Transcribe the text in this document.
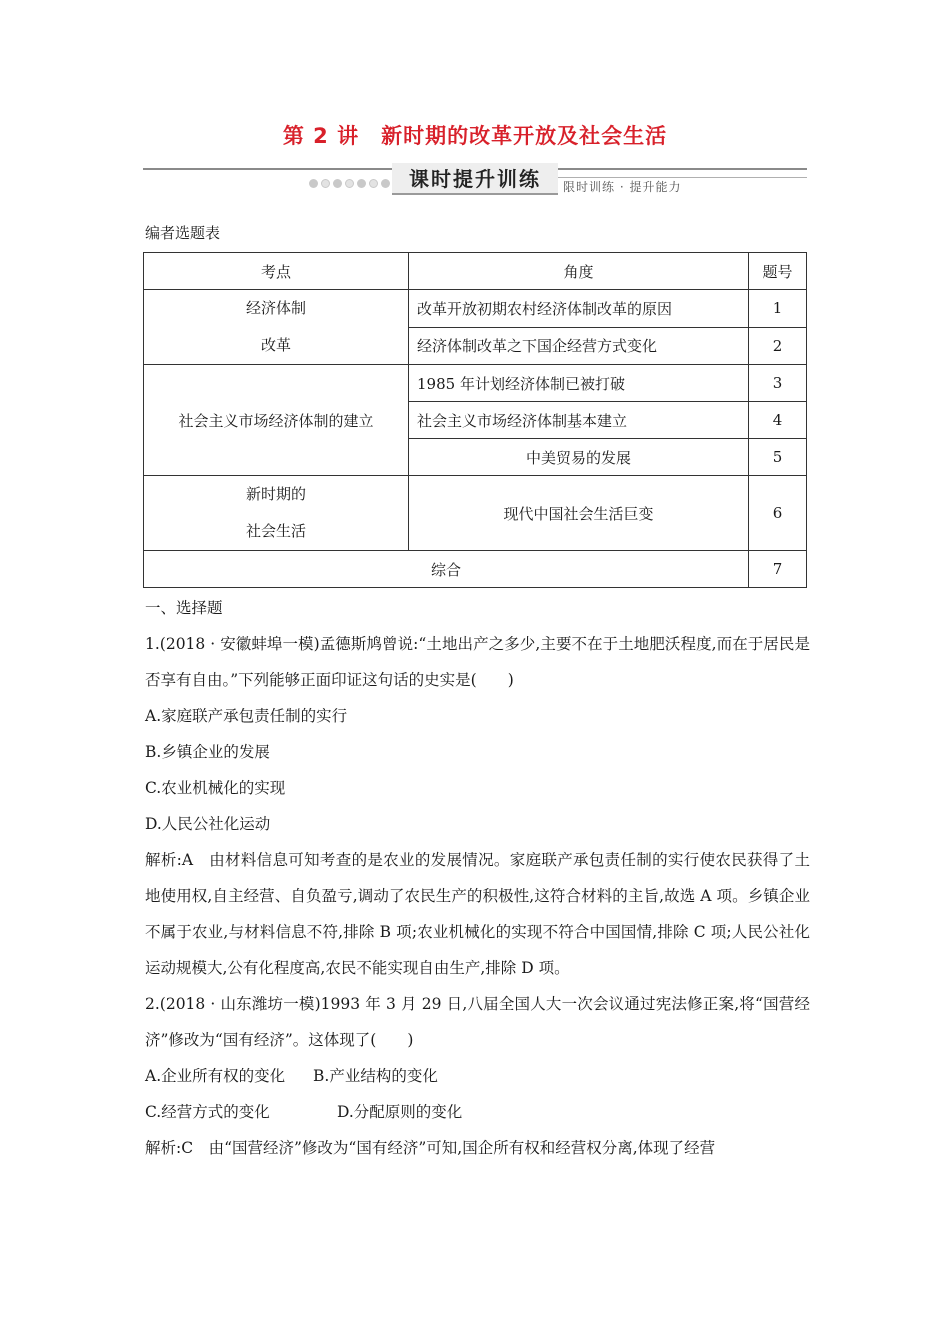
第 2 讲 新时期的改革开放及社会生活
课时提升训练	限时训练 · 提升能力
编者选题表
考点	角度	题号

经济体制
改革	改革开放初期农村经济体制改革的原因	1
	经济体制改革之下国企经营方式变化	2
社会主义市场经济体制的建立	1985 年计划经济体制已被打破	3
	社会主义市场经济体制基本建立	4
	中美贸易的发展	5

新时期的
社会生活	现代中国社会生活巨变	6
综合		7

一、选择题

1.(2018 · 安徽蚌埠一模)孟德斯鸠曾说:“土地出产之多少,主要不在于土地肥沃程度,而在于居民是否享有自由。”下列能够正面印证这句话的史实是(　　)

A.家庭联产承包责任制的实行

B.乡镇企业的发展

C.农业机械化的实现

D.人民公社化运动

解析:A　由材料信息可知考查的是农业的发展情况。家庭联产承包责任制的实行使农民获得了土地使用权,自主经营、自负盈亏,调动了农民生产的积极性,这符合材料的主旨,故选 A 项。乡镇企业不属于农业,与材料信息不符,排除 B 项;农业机械化的实现不符合中国国情,排除 C 项;人民公社化运动规模大,公有化程度高,农民不能实现自由生产,排除 D 项。

2.(2018 · 山东潍坊一模)1993 年 3 月 29 日,八届全国人大一次会议通过宪法修正案,将“国营经济”修改为“国有经济”。这体现了(　　)

A.企业所有权的变化	B.产业结构的变化
C.经营方式的变化	D.分配原则的变化

解析:C　由“国营经济”修改为“国有经济”可知,国企所有权和经营权分离,体现了经营
